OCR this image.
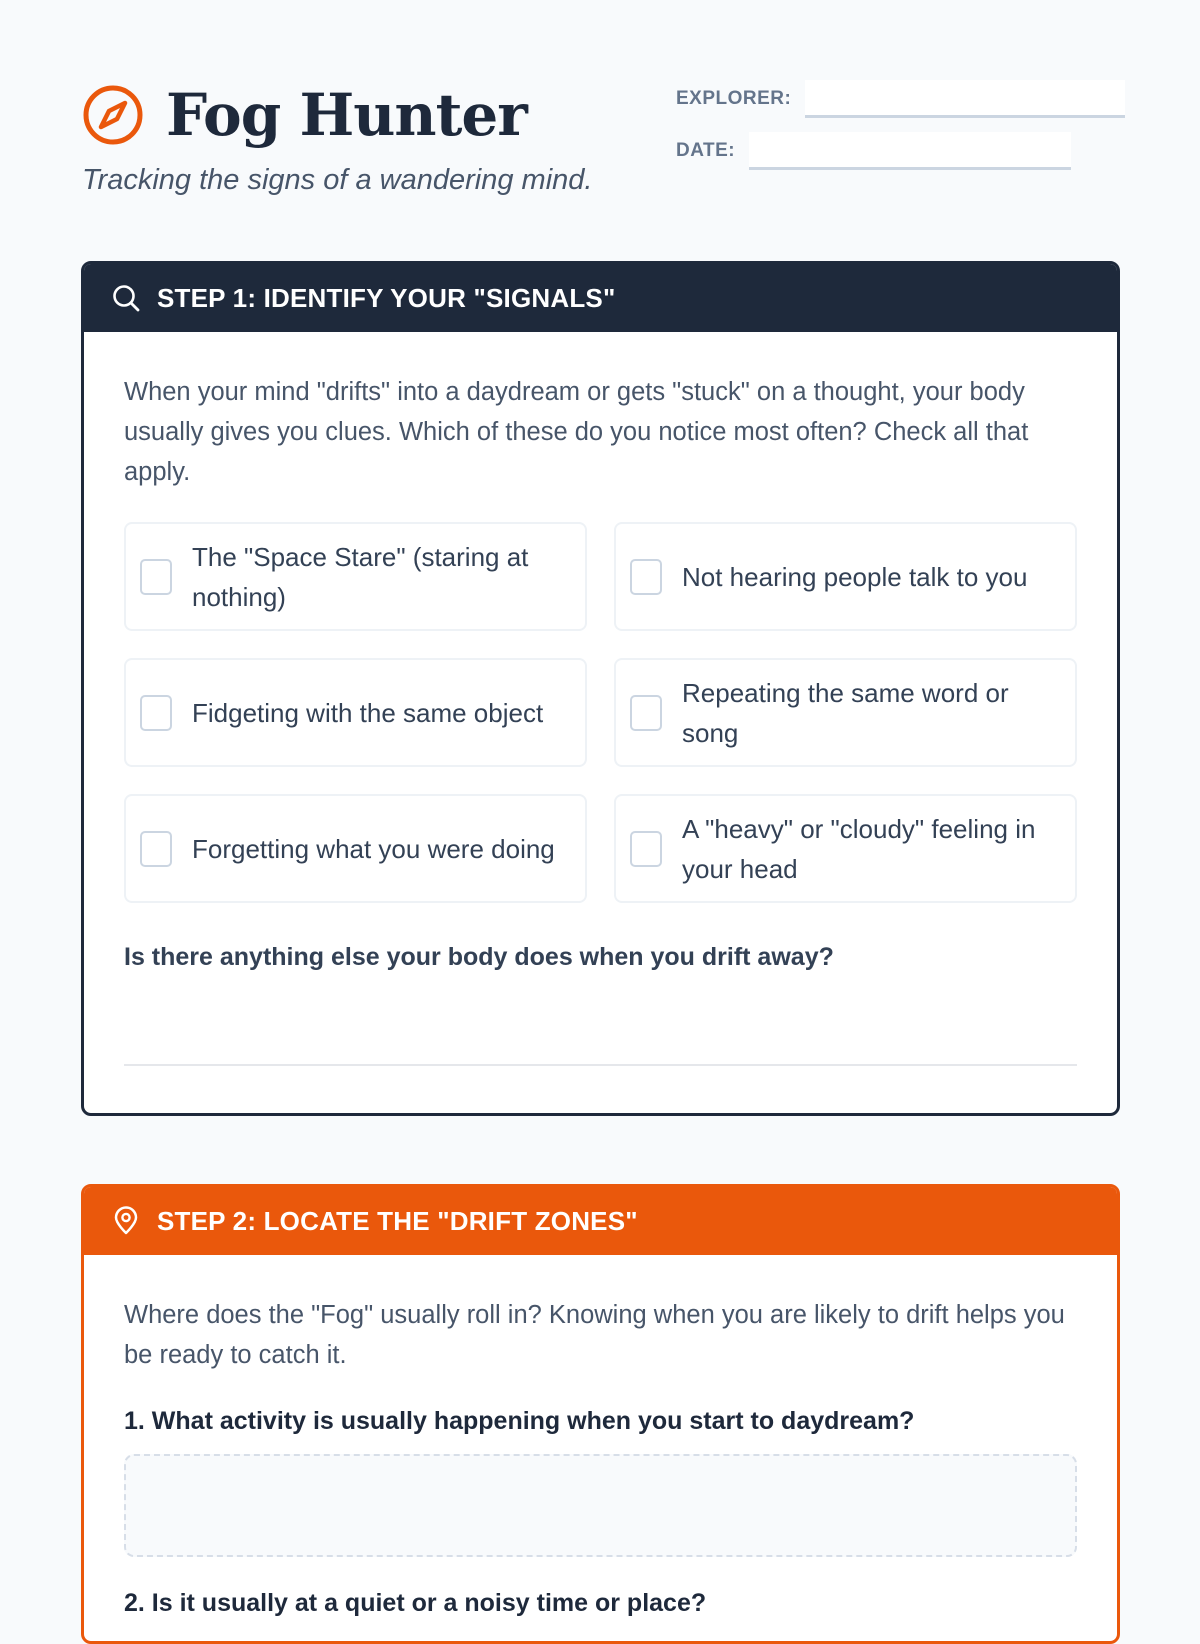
Fog Hunter
Tracking the signs of a wandering mind.
EXPLORER:
DATE:
STEP 1: IDENTIFY YOUR "SIGNALS"

When your mind "drifts" into a daydream or gets "stuck" on a thought, your body usually gives you clues. Which of these do you notice most often? Check all that apply.

The "Space Stare" (staring at nothing)
Not hearing people talk to you
Fidgeting with the same object
Repeating the same word or song
Forgetting what you were doing
A "heavy" or "cloudy" feeling in your head
Is there anything else your body does when you drift away?
STEP 2: LOCATE THE "DRIFT ZONES"

Where does the "Fog" usually roll in? Knowing when you are likely to drift helps you be ready to catch it.

1. What activity is usually happening when you start to daydream?
2. Is it usually at a quiet or a noisy time or place?
